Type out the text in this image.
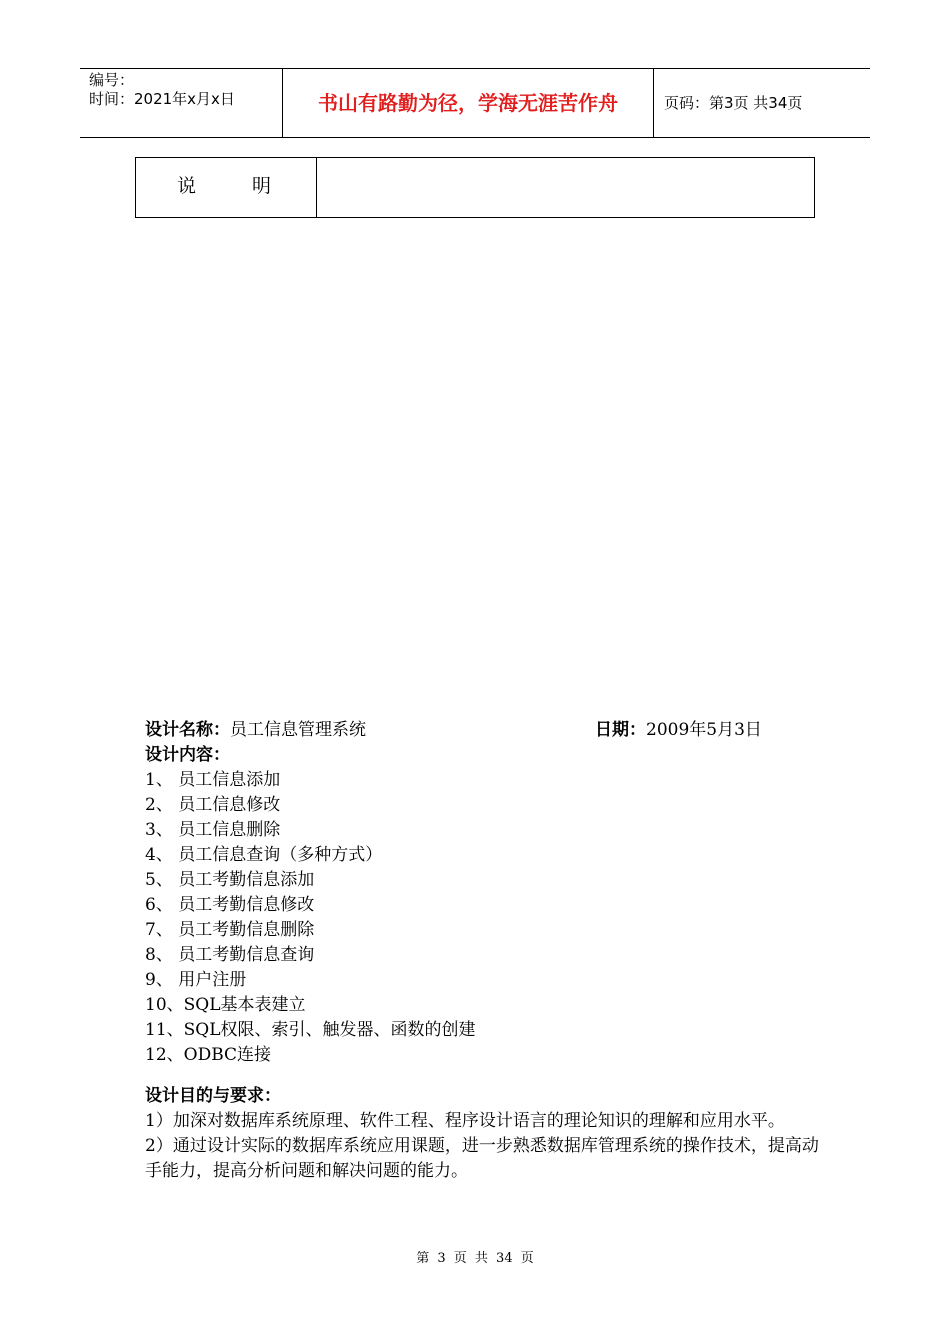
编号：
时间：2021年x月x日	书山有路勤为径，学海无涯苦作舟	页码：第3页 共34页
说明
设计名称：员工信息管理系统	日期：2009年5月3日
设计内容：
1、 员工信息添加
2、 员工信息修改
3、 员工信息删除
4、 员工信息查询（多种方式）
5、 员工考勤信息添加
6、 员工考勤信息修改
7、 员工考勤信息删除
8、 员工考勤信息查询
9、 用户注册
10、SQL基本表建立
11、SQL权限、索引、触发器、函数的创建
12、ODBC连接
设计目的与要求：
1）加深对数据库系统原理、软件工程、程序设计语言的理论知识的理解和应用水平。
2）通过设计实际的数据库系统应用课题，进一步熟悉数据库管理系统的操作技术，提高动手能力，提高分析问题和解决问题的能力。
第 3 页 共 34 页
